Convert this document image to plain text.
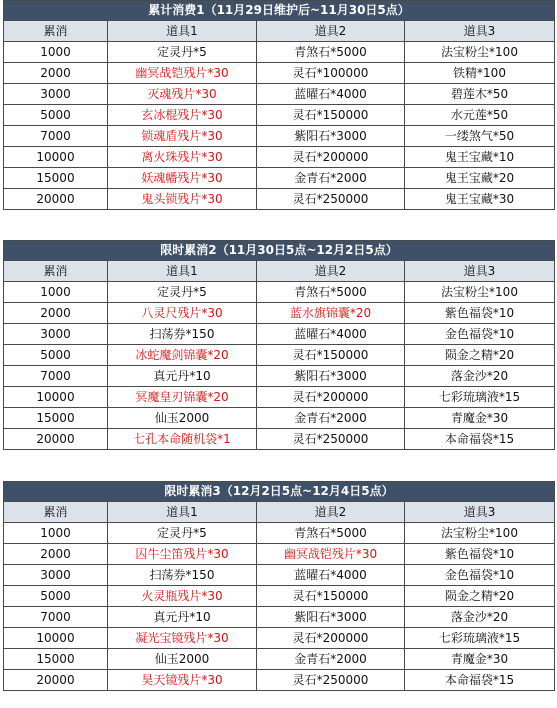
累计消费1（11月29日维护后~11月30日5点）			
累消	道具1	道具2	道具3
1000	定灵丹*5	青煞石*5000	法宝粉尘*100
2000	幽冥战铠残片*30	灵石*100000	铁精*100
3000	灭魂残片*30	蓝曜石*4000	碧莲木*50
5000	玄冰棍残片*30	灵石*150000	水元莲*50
7000	锁魂盾残片*30	紫阳石*3000	一缕煞气*50
10000	离火珠残片*30	灵石*200000	鬼王宝藏*10
15000	妖魂幡残片*30	金青石*2000	鬼王宝藏*20
20000	鬼头锁残片*30	灵石*250000	鬼王宝藏*30
限时累消2（11月30日5点~12月2日5点）			
累消	道具1	道具2	道具3
1000	定灵丹*5	青煞石*5000	法宝粉尘*100
2000	八灵尺残片*30	蓝水旗锦囊*20	紫色福袋*10
3000	扫荡券*150	蓝曜石*4000	金色福袋*10
5000	冰蛇魔剑锦囊*20	灵石*150000	陨金之精*20
7000	真元丹*10	紫阳石*3000	落金沙*20
10000	冥魔皇刃锦囊*20	灵石*200000	七彩琉璃液*15
15000	仙玉2000	金青石*2000	青魔金*30
20000	七孔本命随机袋*1	灵石*250000	本命福袋*15
限时累消3（12月2日5点~12月4日5点）			
累消	道具1	道具2	道具3
1000	定灵丹*5	青煞石*5000	法宝粉尘*100
2000	囚牛尘笛残片*30	幽冥战铠残片*30	紫色福袋*10
3000	扫荡券*150	蓝曜石*4000	金色福袋*10
5000	火灵瓶残片*30	灵石*150000	陨金之精*20
7000	真元丹*10	紫阳石*3000	落金沙*20
10000	凝光宝镜残片*30	灵石*200000	七彩琉璃液*15
15000	仙玉2000	金青石*2000	青魔金*30
20000	昊天镜残片*30	灵石*250000	本命福袋*15
